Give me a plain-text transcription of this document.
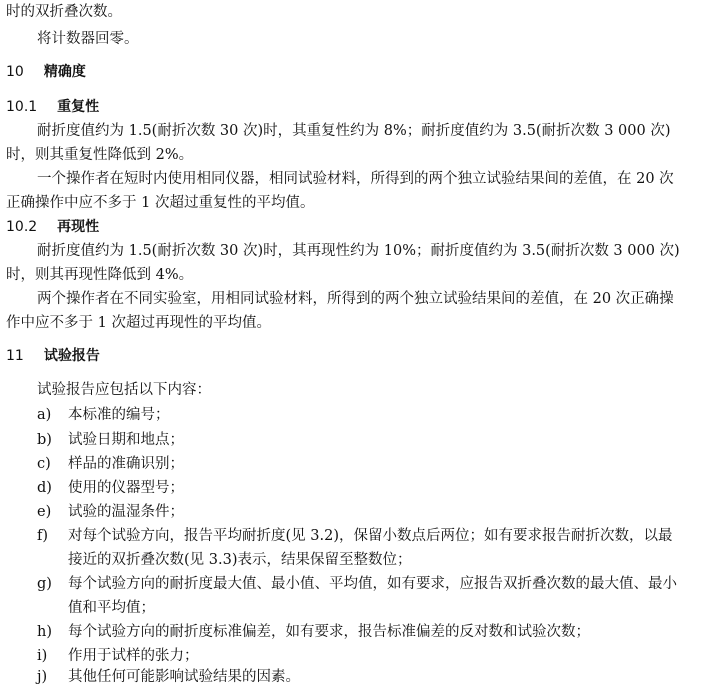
时的双折叠次数。
将计数器回零。
10 精确度
10.1 重复性
耐折度值约为 1.5(耐折次数 30 次)时，其重复性约为 8%；耐折度值约为 3.5(耐折次数 3 000 次)
时，则其重复性降低到 2%。
一个操作者在短时内使用相同仪器，相同试验材料，所得到的两个独立试验结果间的差值，在 20 次
正确操作中应不多于 1 次超过重复性的平均值。
10.2 再现性
耐折度值约为 1.5(耐折次数 30 次)时，其再现性约为 10%；耐折度值约为 3.5(耐折次数 3 000 次)
时，则其再现性降低到 4%。
两个操作者在不同实验室，用相同试验材料，所得到的两个独立试验结果间的差值，在 20 次正确操
作中应不多于 1 次超过再现性的平均值。
11 试验报告
试验报告应包括以下内容：
a) 本标准的编号；
b) 试验日期和地点；
c) 样品的准确识别；
d) 使用的仪器型号；
e) 试验的温湿条件；
f) 对每个试验方向，报告平均耐折度(见 3.2)，保留小数点后两位；如有要求报告耐折次数，以最
接近的双折叠次数(见 3.3)表示，结果保留至整数位；
g) 每个试验方向的耐折度最大值、最小值、平均值，如有要求，应报告双折叠次数的最大值、最小
值和平均值；
h) 每个试验方向的耐折度标准偏差，如有要求，报告标准偏差的反对数和试验次数；
i) 作用于试样的张力；
j) 其他任何可能影响试验结果的因素。
